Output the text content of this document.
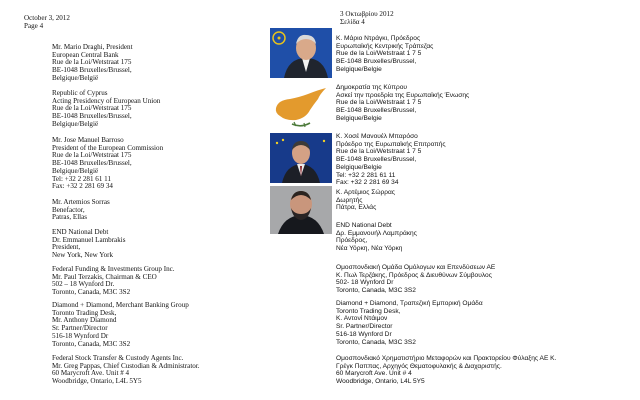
October 3, 2012
Page 4
Mr. Mario Draghi, President
European Central Bank
Rue de la Loi/Wetstraat 175
BE-1048 Bruxelles/Brussel,
Belgique/België
Republic of Cyprus
Acting Presidency of European Union
Rue de la Loi/Wetstraat 175
BE-1048 Bruxelles/Brussel,
Belgique/België
Mr. Jose Manuel Barroso
President of the European Commission
Rue de la Loi/Wetstraat 175
BE-1048 Bruxelles/Brussel,
Belgique/België
Tel: +32 2 281 61 11
Fax: +32 2 281 69 34
Mr. Artemios Sorras
Benefactor,
Patras, Ellas
END National Debt
Dr. Emmanuel Lambrakis
President,
New York, New York
Federal Funding & Investments Group Inc.
Mr. Paul Terzakis, Chairman & CEO
502 – 18 Wynford Dr.
Toronto, Canada, M3C 3S2
Diamond + Diamond, Merchant Banking Group
Toronto Trading Desk,
Mr. Anthony Diamond
Sr. Partner/Director
516-18 Wynford Dr
Toronto, Canada, M3C 3S2
Federal Stock Transfer & Custody Agents Inc.
Mr. Greg Pappas, Chief Custodian & Administrator.
60 Marycroft Ave. Unit # 4
Woodbridge, Ontario, L4L 5Y5
3 Οκτωβρίου 2012
Σελίδα 4
Κ. Μάριο Ντράγκι, Πρόεδρος
Ευρωπαϊκής Κεντρικής Τράπεζας
Rue de la Loi/Wetstraat 1 7 5
BE-1048 Bruxelles/Brussel,
Belgique/Belgie
Δημοκρατία της Κύπρου
Ασκεί την προεδρία της Ευρωπαϊκής Ένωσης
Rue de la Loi/Wetstraat 1 7 5
BE-1048 Bruxelles/Brussel,
Belgique/Belgie
Κ. Χοσέ Μανουέλ Μπαρόσο
Πρόεδρο της Ευρωπαϊκής Επιτροπής
Rue de la Loi/Wetstraat 1 7 5
BE-1048 Bruxelles/Brussel,
Belgique/Belgie
Tel: +32 2 281 61 11
Fax: +32 2 281 69 34
Κ. Αρτέμιος Σώρρας
Δωρητής
Πάτρα, Ελλάς
END National Debt
Δρ. Εμμανουήλ Λαμπράκης
Πρόεδρος,
Νέα Υόρκη, Νέα Υόρκη
Ομοσπονδιακή Ομάδα Ομόλογων και Επενδύσεων ΑΕ
Κ. Πωλ Τερζάκης, Πρόεδρος & Διευθύνων Σύμβουλος
502- 18 Wynford Dr
Toronto, Canada, M3C 3S2
Diamond + Diamond, Τραπεζική Εμπορική Ομάδα
Toronto Trading Desk,
Κ. Αντονί Ντάιμον
Sr. Partner/Director
516-18 Wynford Dr
Toronto, Canada, M3C 3S2
Ομοσπονδιακό Χρηματιστήριο Μεταφορών και Πρακτορείου Φύλαξης ΑΕ Κ.
Γρέγκ Παππας, Αρχηγός Θεματοφυλακής & Διαχαριστής.
60 Marycroft Ave. Unit # 4
Woodbridge, Ontario, L4L 5Y5
